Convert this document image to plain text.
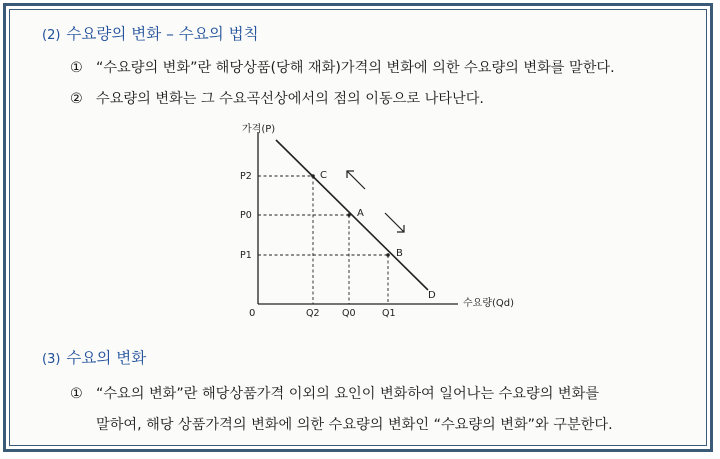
(2) 수요량의 변화 – 수요의 법칙
① “수요량의 변화”란 해당상품(당해 재화)가격의 변화에 의한 수요량의 변화를 말한다.
② 수요량의 변화는 그 수요곡선상에서의 점의 이동으로 나타난다.
가격(P)
수요량(Qd)
0
D
C
P2
Q2
A
P0
Q0
B
P1
Q1
(3) 수요의 변화
① “수요의 변화”란 해당상품가격 이외의 요인이 변화하여 일어나는 수요량의 변화를
말하여, 해당 상품가격의 변화에 의한 수요량의 변화인 “수요량의 변화”와 구분한다.
